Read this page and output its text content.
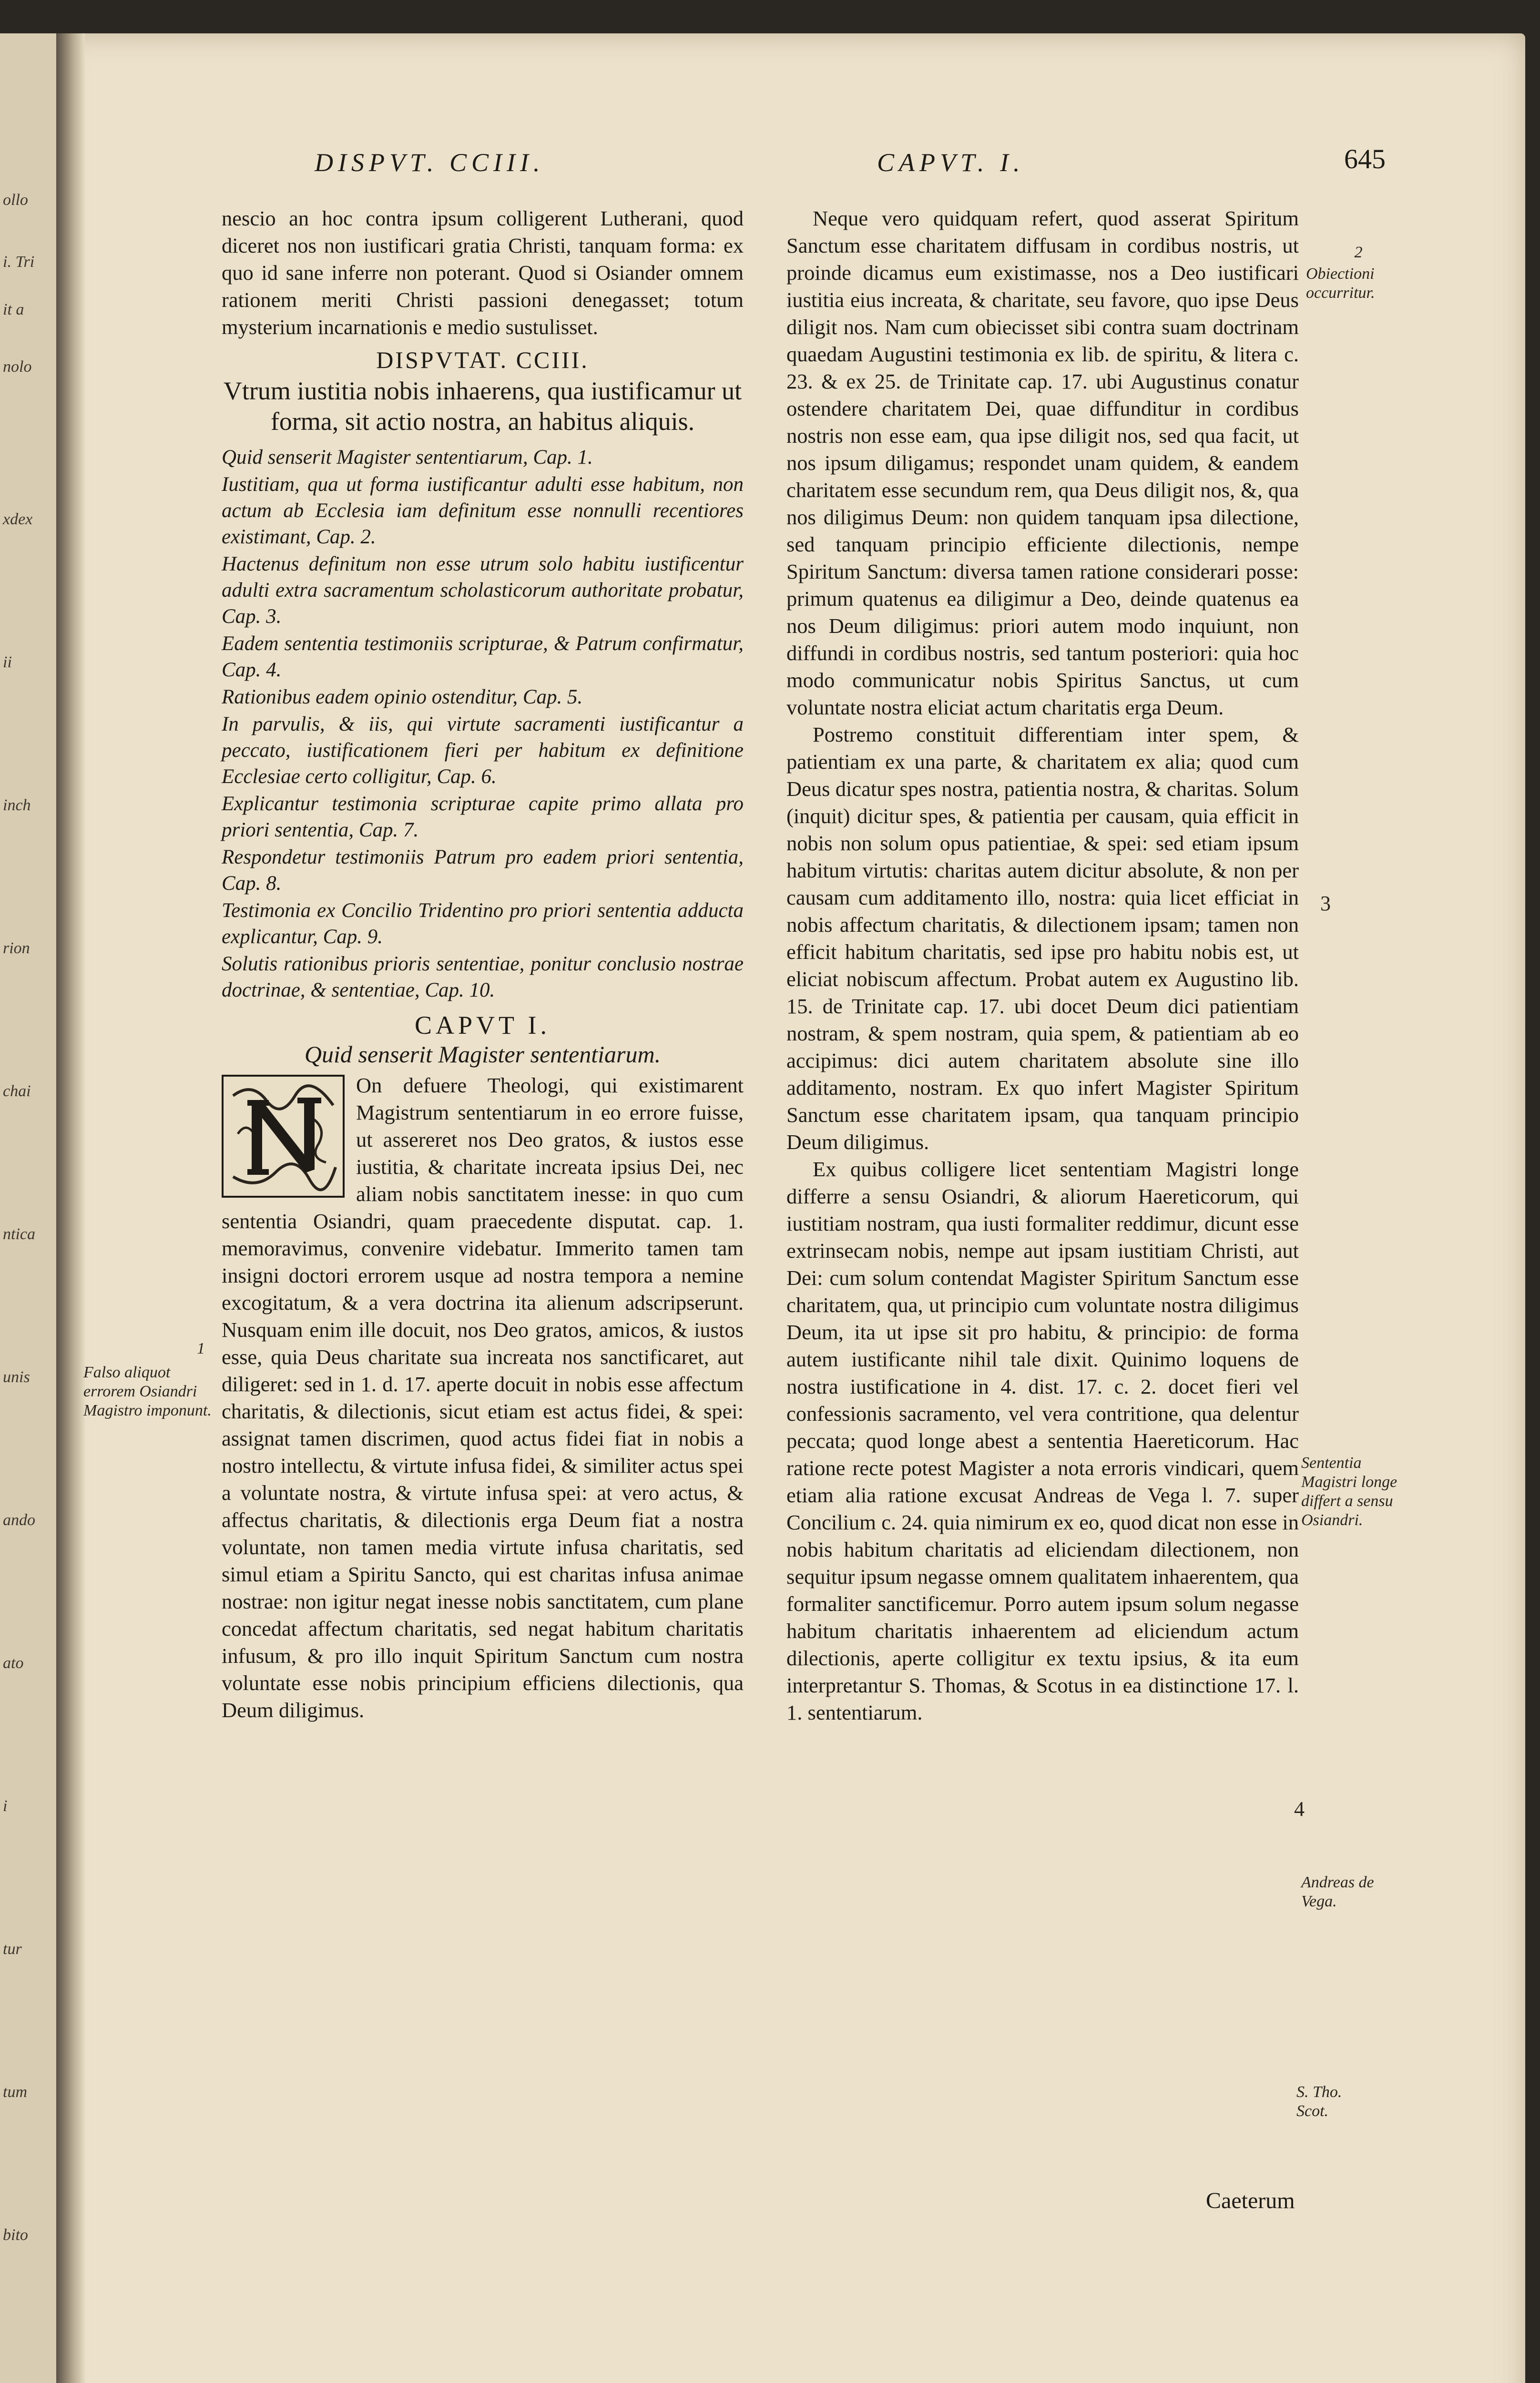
ollo
i. Tri
it a
nolo
xdex
ii
inch
rion
chai
ntica
unis
ando
ato
i
tur
tum
bito
DISPVT. CCIII.	CAPVT. I.	645

nescio an hoc contra ipsum colligerent Lutherani, quod diceret nos non iustificari gratia Christi, tanquam forma: ex quo id sane inferre non poterant. Quod si Osiander omnem rationem meriti Christi passioni denegasset; totum mysterium incarnationis e medio sustulisset.

DISPVTAT. CCIII.
Vtrum iustitia nobis inhaerens, qua iustificamur ut forma, sit actio nostra, an habitus aliquis.

Quid senserit Magister sententiarum, Cap. 1.

Iustitiam, qua ut forma iustificantur adulti esse habitum, non actum ab Ecclesia iam definitum esse nonnulli recentiores existimant, Cap. 2.

Hactenus definitum non esse utrum solo habitu iustificentur adulti extra sacramentum scholasticorum authoritate probatur, Cap. 3.

Eadem sententia testimoniis scripturae, & Patrum confirmatur, Cap. 4.

Rationibus eadem opinio ostenditur, Cap. 5.

In parvulis, & iis, qui virtute sacramenti iustificantur a peccato, iustificationem fieri per habitum ex definitione Ecclesiae certo colligitur, Cap. 6.

Explicantur testimonia scripturae capite primo allata pro priori sententia, Cap. 7.

Respondetur testimoniis Patrum pro eadem priori sententia, Cap. 8.

Testimonia ex Concilio Tridentino pro priori sententia adducta explicantur, Cap. 9.

Solutis rationibus prioris sententiae, ponitur conclusio nostrae doctrinae, & sententiae, Cap. 10.

CAPVT I.
Quid senserit Magister sententiarum.

On defuere Theologi, qui existimarent Magistrum sententiarum in eo errore fuisse, ut assereret nos Deo gratos, & iustos esse iustitia, & charitate increata ipsius Dei, nec aliam nobis sanctitatem inesse: in quo cum sententia Osiandri, quam praecedente disputat. cap. 1. memoravimus, convenire videbatur. Immerito tamen tam insigni doctori errorem usque ad nostra tempora a nemine excogitatum, & a vera doctrina ita alienum adscripserunt. Nusquam enim ille docuit, nos Deo gratos, amicos, & iustos esse, quia Deus charitate sua increata nos sanctificaret, aut diligeret: sed in 1. d. 17. aperte docuit in nobis esse affectum charitatis, & dilectionis, sicut etiam est actus fidei, & spei: assignat tamen discrimen, quod actus fidei fiat in nobis a nostro intellectu, & virtute infusa fidei, & similiter actus spei a voluntate nostra, & virtute infusa spei: at vero actus, & affectus charitatis, & dilectionis erga Deum fiat a nostra voluntate, non tamen media virtute infusa charitatis, sed simul etiam a Spiritu Sancto, qui est charitas infusa animae nostrae: non igitur negat inesse nobis sanctitatem, cum plane concedat affectum charitatis, sed negat habitum charitatis infusum, & pro illo inquit Spiritum Sanctum cum nostra voluntate esse nobis principium efficiens dilectionis, qua Deum diligimus.

Neque vero quidquam refert, quod asserat Spiritum Sanctum esse charitatem diffusam in cordibus nostris, ut proinde dicamus eum existimasse, nos a Deo iustificari iustitia eius increata, & charitate, seu favore, quo ipse Deus diligit nos. Nam cum obiecisset sibi contra suam doctrinam quaedam Augustini testimonia ex lib. de spiritu, & litera c. 23. & ex 25. de Trinitate cap. 17. ubi Augustinus conatur ostendere charitatem Dei, quae diffunditur in cordibus nostris non esse eam, qua ipse diligit nos, sed qua facit, ut nos ipsum diligamus; respondet unam quidem, & eandem charitatem esse secundum rem, qua Deus diligit nos, &, qua nos diligimus Deum: non quidem tanquam ipsa dilectione, sed tanquam principio efficiente dilectionis, nempe Spiritum Sanctum: diversa tamen ratione considerari posse: primum quatenus ea diligimur a Deo, deinde quatenus ea nos Deum diligimus: priori autem modo inquiunt, non diffundi in cordibus nostris, sed tantum posteriori: quia hoc modo communicatur nobis Spiritus Sanctus, ut cum voluntate nostra eliciat actum charitatis erga Deum.

Postremo constituit differentiam inter spem, & patientiam ex una parte, & charitatem ex alia; quod cum Deus dicatur spes nostra, patientia nostra, & charitas. Solum (inquit) dicitur spes, & patientia per causam, quia efficit in nobis non solum opus patientiae, & spei: sed etiam ipsum habitum virtutis: charitas autem dicitur absolute, & non per causam cum additamento illo, nostra: quia licet efficiat in nobis affectum charitatis, & dilectionem ipsam; tamen non efficit habitum charitatis, sed ipse pro habitu nobis est, ut eliciat nobiscum affectum. Probat autem ex Augustino lib. 15. de Trinitate cap. 17. ubi docet Deum dici patientiam nostram, & spem nostram, quia spem, & patientiam ab eo accipimus: dici autem charitatem absolute sine illo additamento, nostram. Ex quo infert Magister Spiritum Sanctum esse charitatem ipsam, qua tanquam principio Deum diligimus.

Ex quibus colligere licet sententiam Magistri longe differre a sensu Osiandri, & aliorum Haereticorum, qui iustitiam nostram, qua iusti formaliter reddimur, dicunt esse extrinsecam nobis, nempe aut ipsam iustitiam Christi, aut Dei: cum solum contendat Magister Spiritum Sanctum esse charitatem, qua, ut principio cum voluntate nostra diligimus Deum, ita ut ipse sit pro habitu, & principio: de forma autem iustificante nihil tale dixit. Quinimo loquens de nostra iustificatione in 4. dist. 17. c. 2. docet fieri vel confessionis sacramento, vel vera contritione, qua delentur peccata; quod longe abest a sententia Haereticorum. Hac ratione recte potest Magister a nota erroris vindicari, quem etiam alia ratione excusat Andreas de Vega l. 7. super Concilium c. 24. quia nimirum ex eo, quod dicat non esse in nobis habitum charitatis ad eliciendam dilectionem, non sequitur ipsum negasse omnem qualitatem inhaerentem, qua formaliter sanctificemur. Porro autem ipsum solum negasse habitum charitatis inhaerentem ad eliciendum actum dilectionis, aperte colligitur ex textu ipsius, & ita eum interpretantur S. Thomas, & Scotus in ea distinctione 17. l. 1. sententiarum.

Caeterum
1
Falso aliquot errorem Osiandri Magistro imponunt.
2
Obiectioni occurritur.
3
Sententia Magistri longe differt a sensu Osiandri.
4
Andreas de Vega.
S. Tho. Scot.
